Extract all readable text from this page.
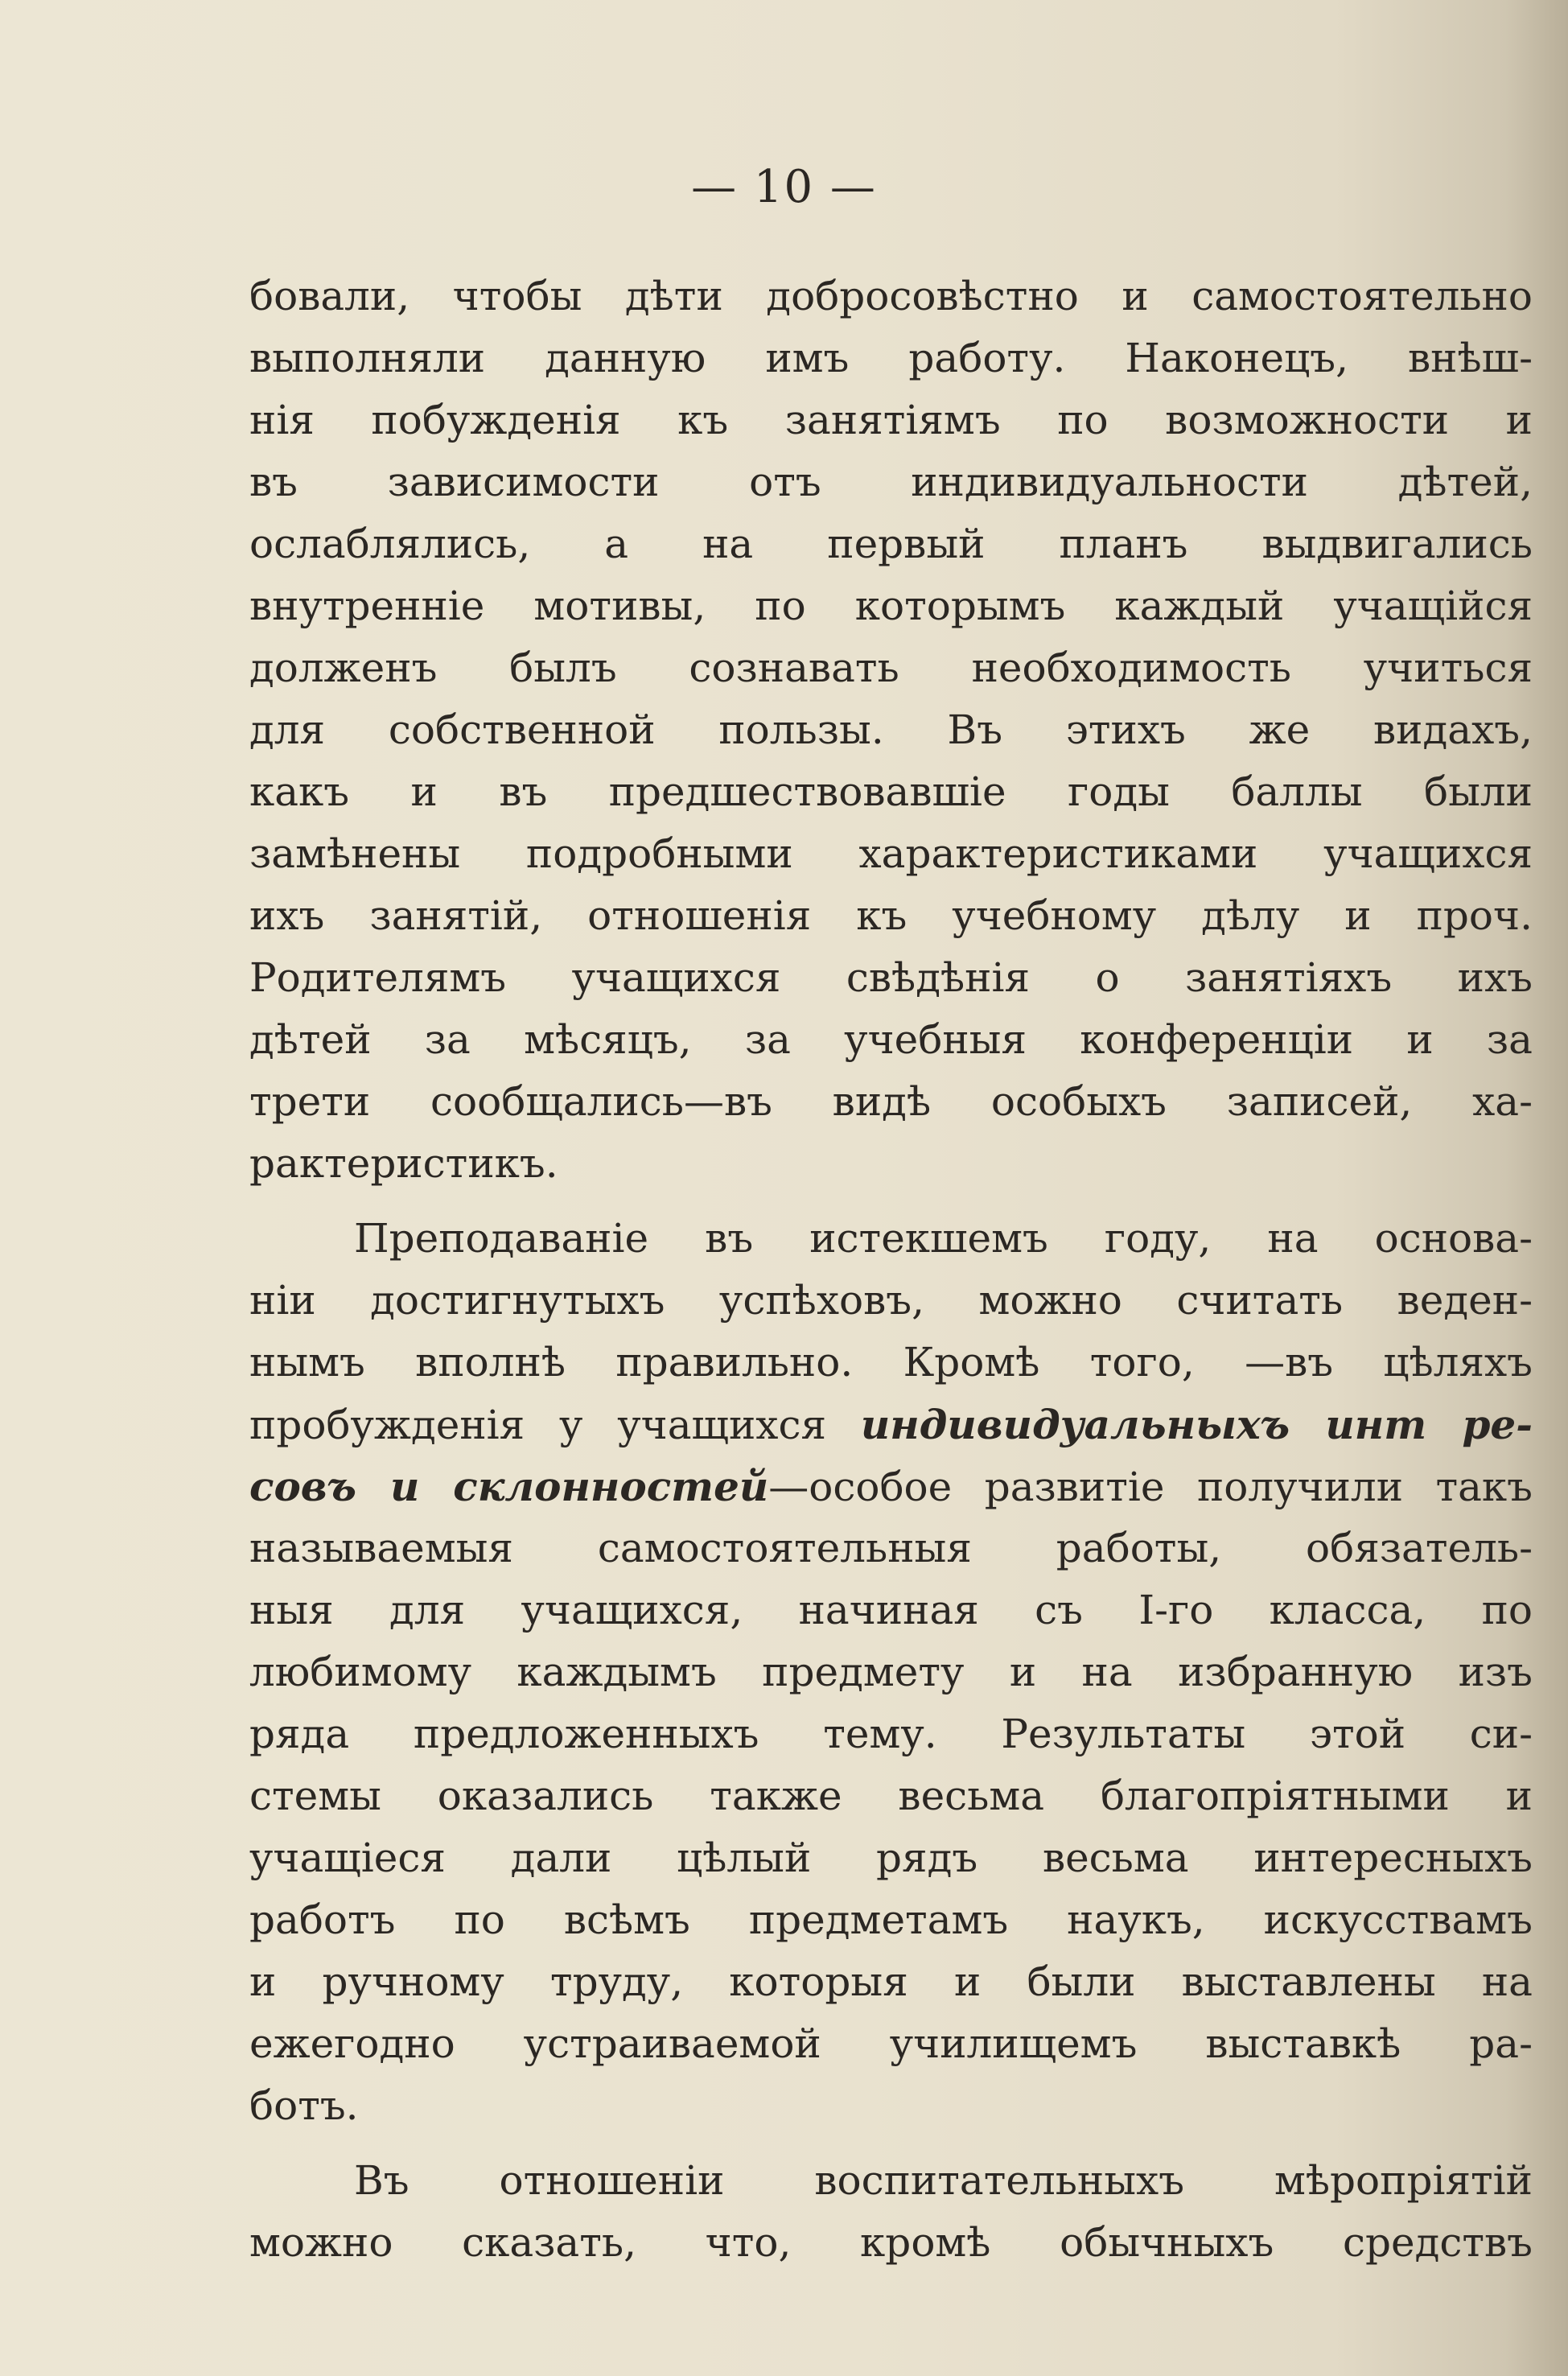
— 10 —
бовали, чтобы дѣти добросовѣстно и самостоятельно
выполняли данную имъ работу. Наконецъ, внѣш-
нія побужденія къ занятіямъ по возможности и
въ зависимости отъ индивидуальности дѣтей,
ослаблялись, а на первый планъ выдвигались
внутренніе мотивы, по которымъ каждый учащійся
долженъ былъ сознавать необходимость учиться
для собственной пользы. Въ этихъ же видахъ,
какъ и въ предшествовавшіе годы баллы были
замѣнены подробными характеристиками учащихся
ихъ занятій, отношенія къ учебному дѣлу и проч.
Родителямъ учащихся свѣдѣнія о занятіяхъ ихъ
дѣтей за мѣсяцъ, за учебныя конференціи и за
трети сообщались—въ видѣ особыхъ записей, ха-
рактеристикъ.
Преподаваніе въ истекшемъ году, на основа-
ніи достигнутыхъ успѣховъ, можно считать веден-
нымъ вполнѣ правильно. Кромѣ того, —въ цѣляхъ
пробужденія у учащихся индивидуальныхъ инт ре-
совъ и склонностей—особое развитіе получили такъ
называемыя самостоятельныя работы, обязатель-
ныя для учащихся, начиная съ I-го класса, по
любимому каждымъ предмету и на избранную изъ
ряда предложенныхъ тему. Результаты этой си-
стемы оказались также весьма благопріятными и
учащіеся дали цѣлый рядъ весьма интересныхъ
работъ по всѣмъ предметамъ наукъ, искусствамъ
и ручному труду, которыя и были выставлены на
ежегодно устраиваемой училищемъ выставкѣ ра-
ботъ.
Въ отношеніи воспитательныхъ мѣропріятій
можно сказать, что, кромѣ обычныхъ средствъ
